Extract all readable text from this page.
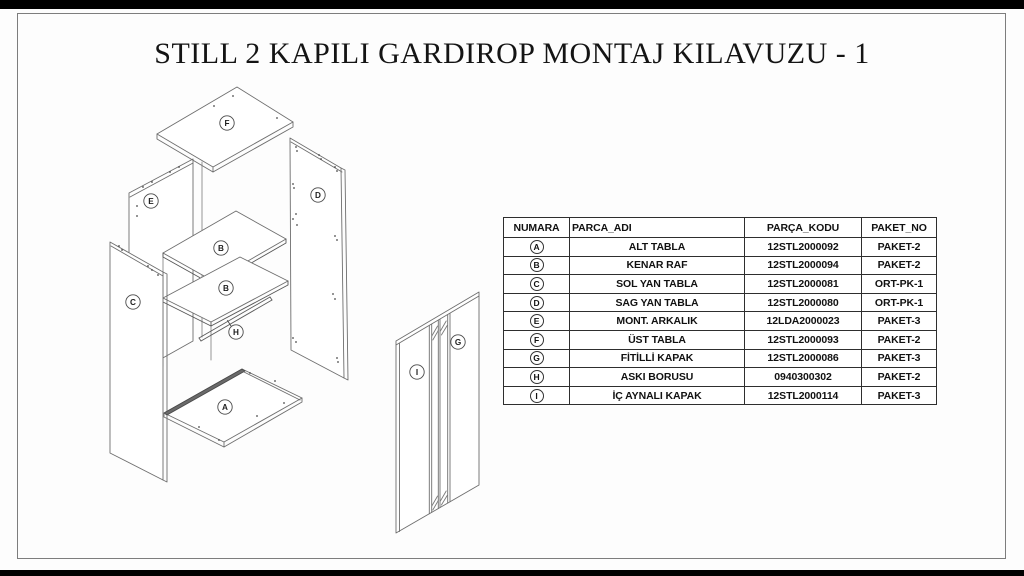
STILL 2 KAPILI GARDIROP MONTAJ KILAVUZU - 1
F
E
D
C
B
B
H
A
I
G
NUMARA	PARCA_ADI	PARÇA_KODU	PAKET_NO
A	ALT TABLA	12STL2000092	PAKET-2
B	KENAR RAF	12STL2000094	PAKET-2
C	SOL YAN TABLA	12STL2000081	ORT-PK-1
D	SAG YAN TABLA	12STL2000080	ORT-PK-1
E	MONT. ARKALIK	12LDA2000023	PAKET-3
F	ÜST TABLA	12STL2000093	PAKET-2
G	FİTİLLİ KAPAK	12STL2000086	PAKET-3
H	ASKI BORUSU	0940300302	PAKET-2
I	İÇ AYNALI KAPAK	12STL2000114	PAKET-3
